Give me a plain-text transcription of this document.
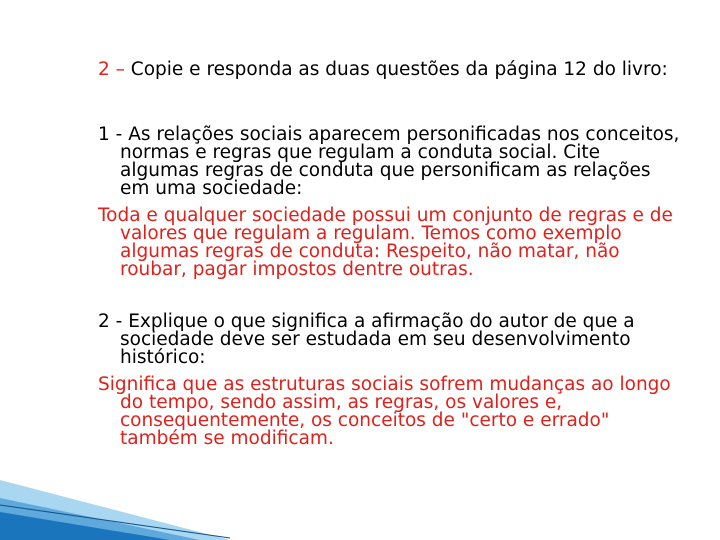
2 – Copie e responda as duas questões da página 12 do livro:

1 - As relações sociais aparecem personificadas nos conceitos, normas e regras que regulam a conduta social. Cite algumas regras de conduta que personificam as relações em uma sociedade:

Toda e qualquer sociedade possui um conjunto de regras e de valores que regulam a regulam. Temos como exemplo algumas regras de conduta: Respeito, não matar, não roubar, pagar impostos dentre outras.

2 - Explique o que significa a afirmação do autor de que a sociedade deve ser estudada em seu desenvolvimento histórico:

Significa que as estruturas sociais sofrem mudanças ao longo do tempo, sendo assim, as regras, os valores e, consequentemente, os conceitos de "certo e errado" também se modificam.
